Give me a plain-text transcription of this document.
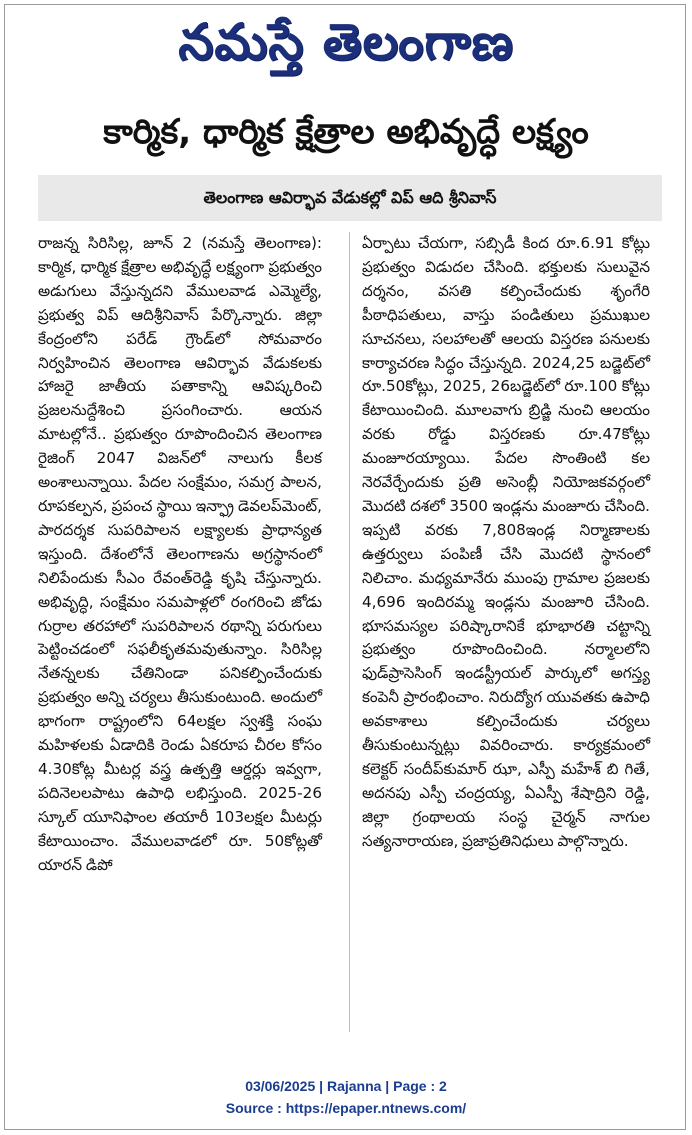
నమస్తే తెలంగాణ
కార్మిక, ధార్మిక క్షేత్రాల అభివృద్ధే లక్ష్యం
తెలంగాణ ఆవిర్భావ వేడుకల్లో విప్ ఆది శ్రీనివాస్

రాజన్న సిరిసిల్ల, జూన్ 2 (నమస్తే తెలంగాణ): కార్మిక, ధార్మిక క్షేత్రాల అభివృద్ధే లక్ష్యంగా ప్రభుత్వం అడుగులు వేస్తున్నదని వేములవాడ ఎమ్మెల్యే, ప్రభుత్వ విప్ ఆదిశ్రీనివాస్ పేర్కొన్నారు. జిల్లా కేంద్రంలోని పరేడ్ గ్రౌండ్‌లో సోమవారం నిర్వహించిన తెలంగాణ ఆవిర్భావ వేడుకలకు హాజరై జాతీయ పతాకాన్ని ఆవిష్కరించి ప్రజలనుద్దేశించి ప్రసంగించారు. ఆయన మాటల్లోనే.. ప్రభుత్వం రూపొందించిన తెలంగాణ రైజింగ్ 2047 విజన్‌లో నాలుగు కీలక అంశాలున్నాయి. పేదల సంక్షేమం, సమగ్ర పాలన, రూపకల్పన, ప్రపంచ స్థాయి ఇన్ఫ్రా డెవలప్‌మెంట్, పారదర్శక సుపరిపాలన లక్ష్యాలకు ప్రాధాన్యత ఇస్తుంది. దేశంలోనే తెలంగాణను అగ్రస్థానంలో నిలిపేందుకు సీఎం రేవంత్‌రెడ్డి కృషి చేస్తున్నారు. అభివృద్ధి, సంక్షేమం సమపాళ్లలో రంగరించి జోడు గుర్రాల తరహాలో సుపరిపాలన రథాన్ని పరుగులు పెట్టించడంలో సఫలీకృతమవుతున్నాం. సిరిసిల్ల నేతన్నలకు చేతినిండా పనికల్పించేందుకు ప్రభుత్వం అన్ని చర్యలు తీసుకుంటుంది. అందులో భాగంగా రాష్ట్రంలోని 64లక్షల స్వశక్తి సంఘ మహిళలకు ఏడాదికి రెండు ఏకరూప చీరల కోసం 4.30కోట్ల మీటర్ల వస్త్ర ఉత్పత్తి ఆర్డర్లు ఇవ్వగా, పదినెలలపాటు ఉపాధి లభిస్తుంది. 2025-26 స్కూల్ యూనిఫాంల తయారీ 103లక్షల మీటర్లు కేటాయించాం. వేములవాడలో రూ. 50కోట్లతో యారన్ డిపో

ఏర్పాటు చేయగా, సబ్సిడీ కింద రూ.6.91 కోట్లు ప్రభుత్వం విడుదల చేసింది. భక్తులకు సులువైన దర్శనం, వసతి కల్పించేందుకు శృంగేరి పీఠాధిపతులు, వాస్తు పండితులు ప్రముఖుల సూచనలు, సలహాలతో ఆలయ విస్తరణ పనులకు కార్యాచరణ సిద్ధం చేస్తున్నది. 2024,25 బడ్జెట్‌లో రూ.50కోట్లు, 2025, 26బడ్జెట్‌లో రూ.100 కోట్లు కేటాయించింది. మూలవాగు బ్రిడ్జి నుంచి ఆలయం వరకు రోడ్డు విస్తరణకు రూ.47కోట్లు మంజూరయ్యాయి. పేదల సొంతింటి కల నెరవేర్చేందుకు ప్రతి అసెంబ్లీ నియోజకవర్గంలో మొదటి దశలో 3500 ఇండ్లను మంజూరు చేసింది. ఇప్పటి వరకు 7,808ఇండ్ల నిర్మాణాలకు ఉత్తర్వులు పంపిణీ చేసి మొదటి స్థానంలో నిలిచాం. మధ్యమానేరు ముంపు గ్రామాల ప్రజలకు 4,696 ఇందిరమ్మ ఇండ్లను మంజూరి చేసింది. భూసమస్యల పరిష్కారానికే భూభారతి చట్టాన్ని ప్రభుత్వం రూపొందించింది. నర్మాలలోని ఫుడ్‌ప్రాసెసింగ్ ఇండస్ట్రీయల్ పార్కులో అగస్త్య కంపెనీ ప్రారంభించాం. నిరుద్యోగ యువతకు ఉపాధి అవకాశాలు కల్పించేందుకు చర్యలు తీసుకుంటున్నట్లు వివరించారు. కార్యక్రమంలో కలెక్టర్ సందీప్‌కుమార్ ఝా, ఎస్పీ మహేశ్ బి గితే, అదనపు ఎస్పీ చంద్రయ్య, ఏఎస్పీ శేషాద్రిని రెడ్డి, జిల్లా గ్రంథాలయ సంస్థ చైర్మన్ నాగుల సత్యనారాయణ, ప్రజాప్రతినిధులు పాల్గొన్నారు.

03/06/2025 | Rajanna | Page : 2
Source : https://epaper.ntnews.com/
